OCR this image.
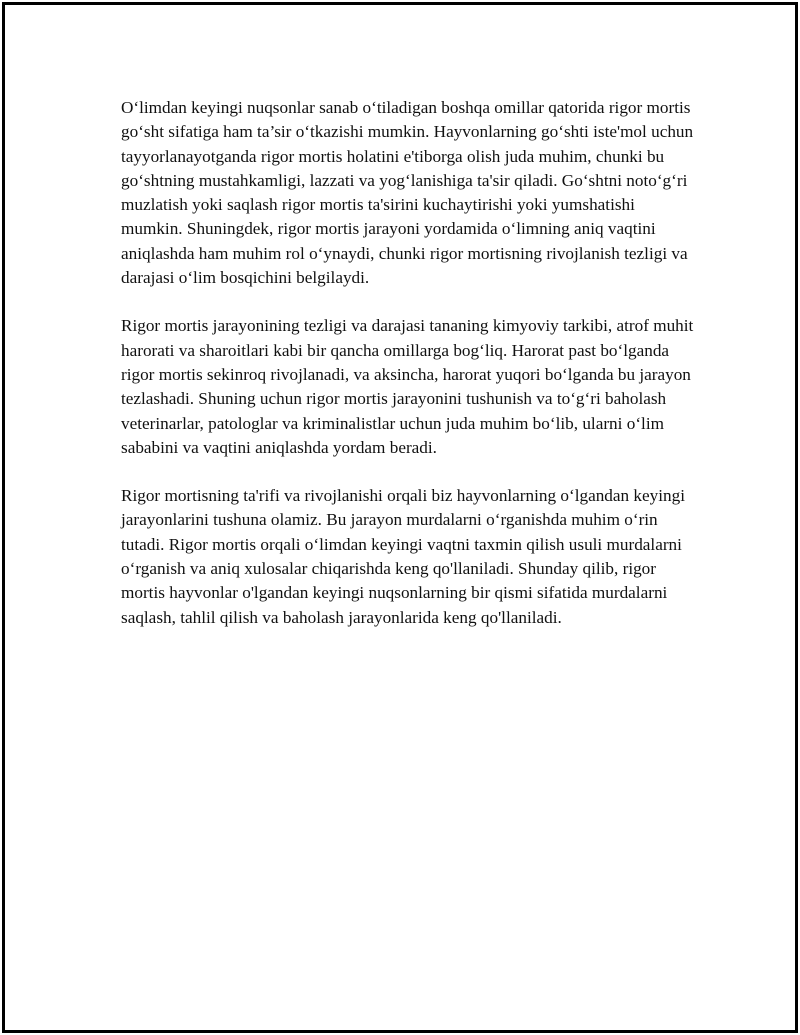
O‘limdan keyingi nuqsonlar sanab o‘tiladigan boshqa omillar qatorida rigor mortis go‘sht sifatiga ham ta’sir o‘tkazishi mumkin. Hayvonlarning go‘shti iste'mol uchun tayyorlanayotganda rigor mortis holatini e'tiborga olish juda muhim, chunki bu go‘shtning mustahkamligi, lazzati va yog‘lanishiga ta'sir qiladi. Go‘shtni noto‘g‘ri muzlatish yoki saqlash rigor mortis ta'sirini kuchaytirishi yoki yumshatishi mumkin. Shuningdek, rigor mortis jarayoni yordamida o‘limning aniq vaqtini aniqlashda ham muhim rol o‘ynaydi, chunki rigor mortisning rivojlanish tezligi va darajasi o‘lim bosqichini belgilaydi.

Rigor mortis jarayonining tezligi va darajasi tananing kimyoviy tarkibi, atrof muhit harorati va sharoitlari kabi bir qancha omillarga bog‘liq. Harorat past bo‘lganda rigor mortis sekinroq rivojlanadi, va aksincha, harorat yuqori bo‘lganda bu jarayon tezlashadi. Shuning uchun rigor mortis jarayonini tushunish va to‘g‘ri baholash veterinarlar, patologlar va kriminalistlar uchun juda muhim bo‘lib, ularni o‘lim sababini va vaqtini aniqlashda yordam beradi.

Rigor mortisning ta'rifi va rivojlanishi orqali biz hayvonlarning o‘lgandan keyingi jarayonlarini tushuna olamiz. Bu jarayon murdalarni o‘rganishda muhim o‘rin tutadi. Rigor mortis orqali o‘limdan keyingi vaqtni taxmin qilish usuli murdalarni o‘rganish va aniq xulosalar chiqarishda keng qo'llaniladi. Shunday qilib, rigor mortis hayvonlar o'lgandan keyingi nuqsonlarning bir qismi sifatida murdalarni saqlash, tahlil qilish va baholash jarayonlarida keng qo'llaniladi.
